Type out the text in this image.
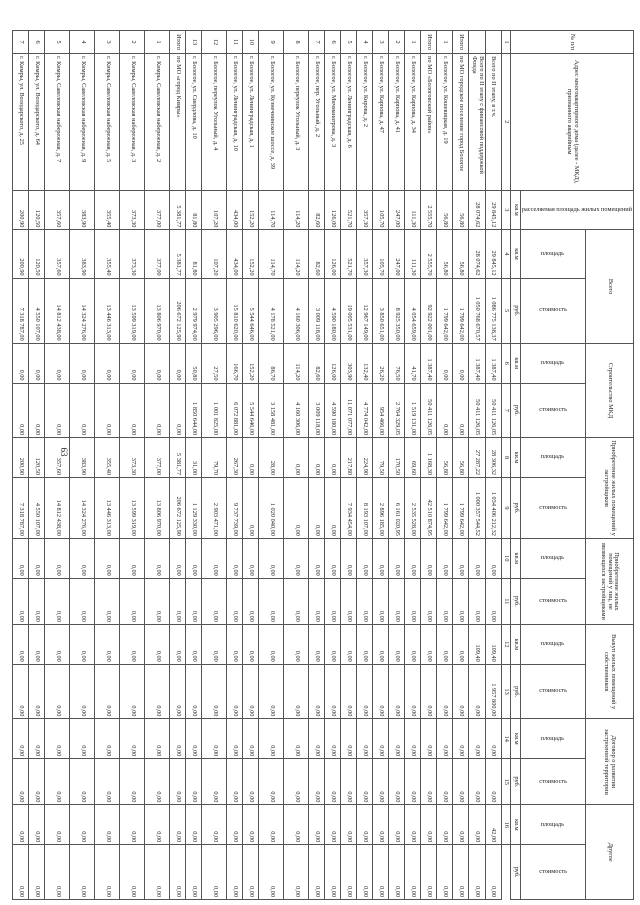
63
№ п/п	Адрес многоквартирного дома (далее - МКД), признанного аварийным	расселяемая площадь жилых помещений	Всего		Строительство МКД		Приобретение жилых помещений у застройщиков		Приобретение жилых помещений у лиц, не являющихся застройщиками		Выкуп жилых помещений у собственников		Договор о развитии застроенной территории		Другое	

			площадь	стоимость	площадь	стоимость	площадь	стоимость	площадь	стоимость	площадь	стоимость	площадь	стоимость	площадь	стоимость

		кв.м	кв.м	руб.	кв.м	руб.	кв.м	руб.	кв.м	руб.	кв.м	руб.	кв.м	руб.	кв.м	руб.
1	2	3	4	5	6	7	8	9	10	11	12	13	14	15	16	
	Всего по II этапу, в т.ч.	29 845,12	29 845,12	1 086 775 138,37	1 387,40	50 411 126,05	28 306,32	1 034 406 212,32	0,00	0,00	109,40	1 957 800,00	0,00	0,00	42,00	0,00
	Всего по II этапу с финансовой поддержкой Фонда	28 074,62	28 074,62	1 050 768 670,57	1 387,40	50 411 126,05	27 287,22	1 000 357 544,52	0,00	0,00	109,40	0,00	0,00	0,00	0,00	0,00
Итого	по МО городское поселение город Бологое	56,80	56,80	1 799 642,00	0,00	0,00	56,80	1 799 642,00	0,00	0,00	0,00	0,00	0,00	0,00	0,00	0,00
1	г. Бологое, ул. Кошевицкая, д. 19	56,80	56,80	1 799 642,00	0,00	0,00	56,80	1 799 642,00	0,00	0,00	0,00	0,00	0,00	0,00	0,00	0,00
Итого	по МО «Бологовский район»	2 555,70	2 555,70	92 922 001,00	1 387,40	50 411 126,05	1 168,30	42 510 874,95	0,00	0,00	0,00	0,00	0,00	0,00	0,00	0,00
1	г. Бологое, ул. Карпова, д. 34	111,30	111,30	4 054 659,00	41,70	1 519 131,00	69,60	2 535 528,00	0,00	0,00	0,00	0,00	0,00	0,00	0,00	0,00
2	г. Бологое, ул. Карпова, д. 41	247,00	247,00	8 925 350,00	76,50	2 764 329,05	170,50	6 161 020,95	0,00	0,00	0,00	0,00	0,00	0,00	0,00	0,00
3	г. Бологое, ул. Карпова, д. 47	105,70	105,70	3 850 651,00	26,20	954 466,00	79,50	2 896 185,00	0,00	0,00	0,00	0,00	0,00	0,00	0,00	0,00
4	г. Бологое, ул. Кирова, д. 2	357,30	357,30	12 967 149,00	132,40	4 774 042,00	224,90	8 193 107,00	0,00	0,00	0,00	0,00	0,00	0,00	0,00	0,00
5	г. Бологое, ул. Ленинградская, д. 6	521,70	521,70	19 005 531,00	303,90	11 071 077,00	217,80	7 934 454,00	0,00	0,00	0,00	0,00	0,00	0,00	0,00	0,00
6	г. Бологое, ул. Мичманатрова, д. 3	126,00	126,00	4 590 180,00	126,00	4 590 180,00	0,00	0,00	0,00	0,00	0,00	0,00	0,00	0,00	0,00	0,00
7	г. Бологое, пер. Угольный, д. 2	82,60	82,60	3 009 118,00	82,60	3 009 118,00	0,00	0,00	0,00	0,00	0,00	0,00	0,00	0,00	0,00	0,00
8	г. Бологое, переулок Угольный, д. 3	114,20	114,20	4 160 306,00	114,20	4 160 306,00	0,00	0,00	0,00	0,00	0,00	0,00	0,00	0,00	0,00	0,00
9	г. Бологое, ул. Кузнечнинское шоссе, д. 39	114,70	114,70	4 178 521,00	86,70	3 158 481,00	28,00	1 020 040,00	0,00	0,00	0,00	0,00	0,00	0,00	0,00	0,00
10	г. Бологое, ул. Ленинградская, д. 1	152,20	152,20	5 544 646,00	152,20	5 544 646,00	0,00	0,00	0,00	0,00	0,00	0,00	0,00	0,00	0,00	0,00
11	г. Бологое, ул. Ленинградская, д. 10	434,00	434,00	15 810 620,00	166,70	6 072 881,00	267,30	9 737 739,00	0,00	0,00	0,00	0,00	0,00	0,00	0,00	0,00
12	г. Бологое, переулок Угольный, д. 4	107,20	107,20	3 905 296,00	27,50	1 001 825,00	79,70	2 903 471,00	0,00	0,00	0,00	0,00	0,00	0,00	0,00	0,00
13	г. Бологое, ул. Свердлова, д. 10	81,80	81,80	2 979 974,00	50,80	1 850 644,00	31,00	1 129 330,00	0,00	0,00	0,00	0,00	0,00	0,00	0,00	0,00
Итого	по МО «город Кимры»	5 381,77	5 381,77	206 672 125,90	0,00	0,00	5 381,77	206 672 125,90	0,00	0,00	0,00	0,00	0,00	0,00	0,00	0,00
1	г. Кимры, Савеловская набережная, д. 2	377,00	377,00	13 806 970,00	0,00	0,00	377,00	13 806 970,00	0,00	0,00	0,00	0,00	0,00	0,00	0,00	0,00
2	г. Кимры, Савеловская набережная, д. 3	373,30	373,30	13 599 319,00	0,00	0,00	373,30	13 599 319,00	0,00	0,00	0,00	0,00	0,00	0,00	0,00	0,00
3	г. Кимры, Савеловская набережная, д. 5	355,40	355,40	13 446 313,00	0,00	0,00	355,40	13 446 313,00	0,00	0,00	0,00	0,00	0,00	0,00	0,00	0,00
4	г. Кимры, Савеловская набережная, д. 9	383,90	383,90	14 324 276,00	0,00	0,00	383,90	14 324 276,00	0,00	0,00	0,00	0,00	0,00	0,00	0,00	0,00
5	г. Кимры, Савеловская набережная, д. 7	357,60	357,60	14 812 438,00	0,00	0,00	357,60	14 812 438,00	0,00	0,00	0,00	0,00	0,00	0,00	0,00	0,00
6	г. Кимры, ул. Володарского, д. 64	120,50	120,50	4 550 107,00	0,00	0,00	120,50	4 550 107,00	0,00	0,00	0,00	0,00	0,00	0,00	0,00	0,00
7	г. Кимры, ул. Володарского, д. 25	200,90	200,90	7 318 787,00	0,00	0,00	200,90	7 318 787,00	0,00	0,00	0,00	0,00	0,00	0,00	0,00	0,00
